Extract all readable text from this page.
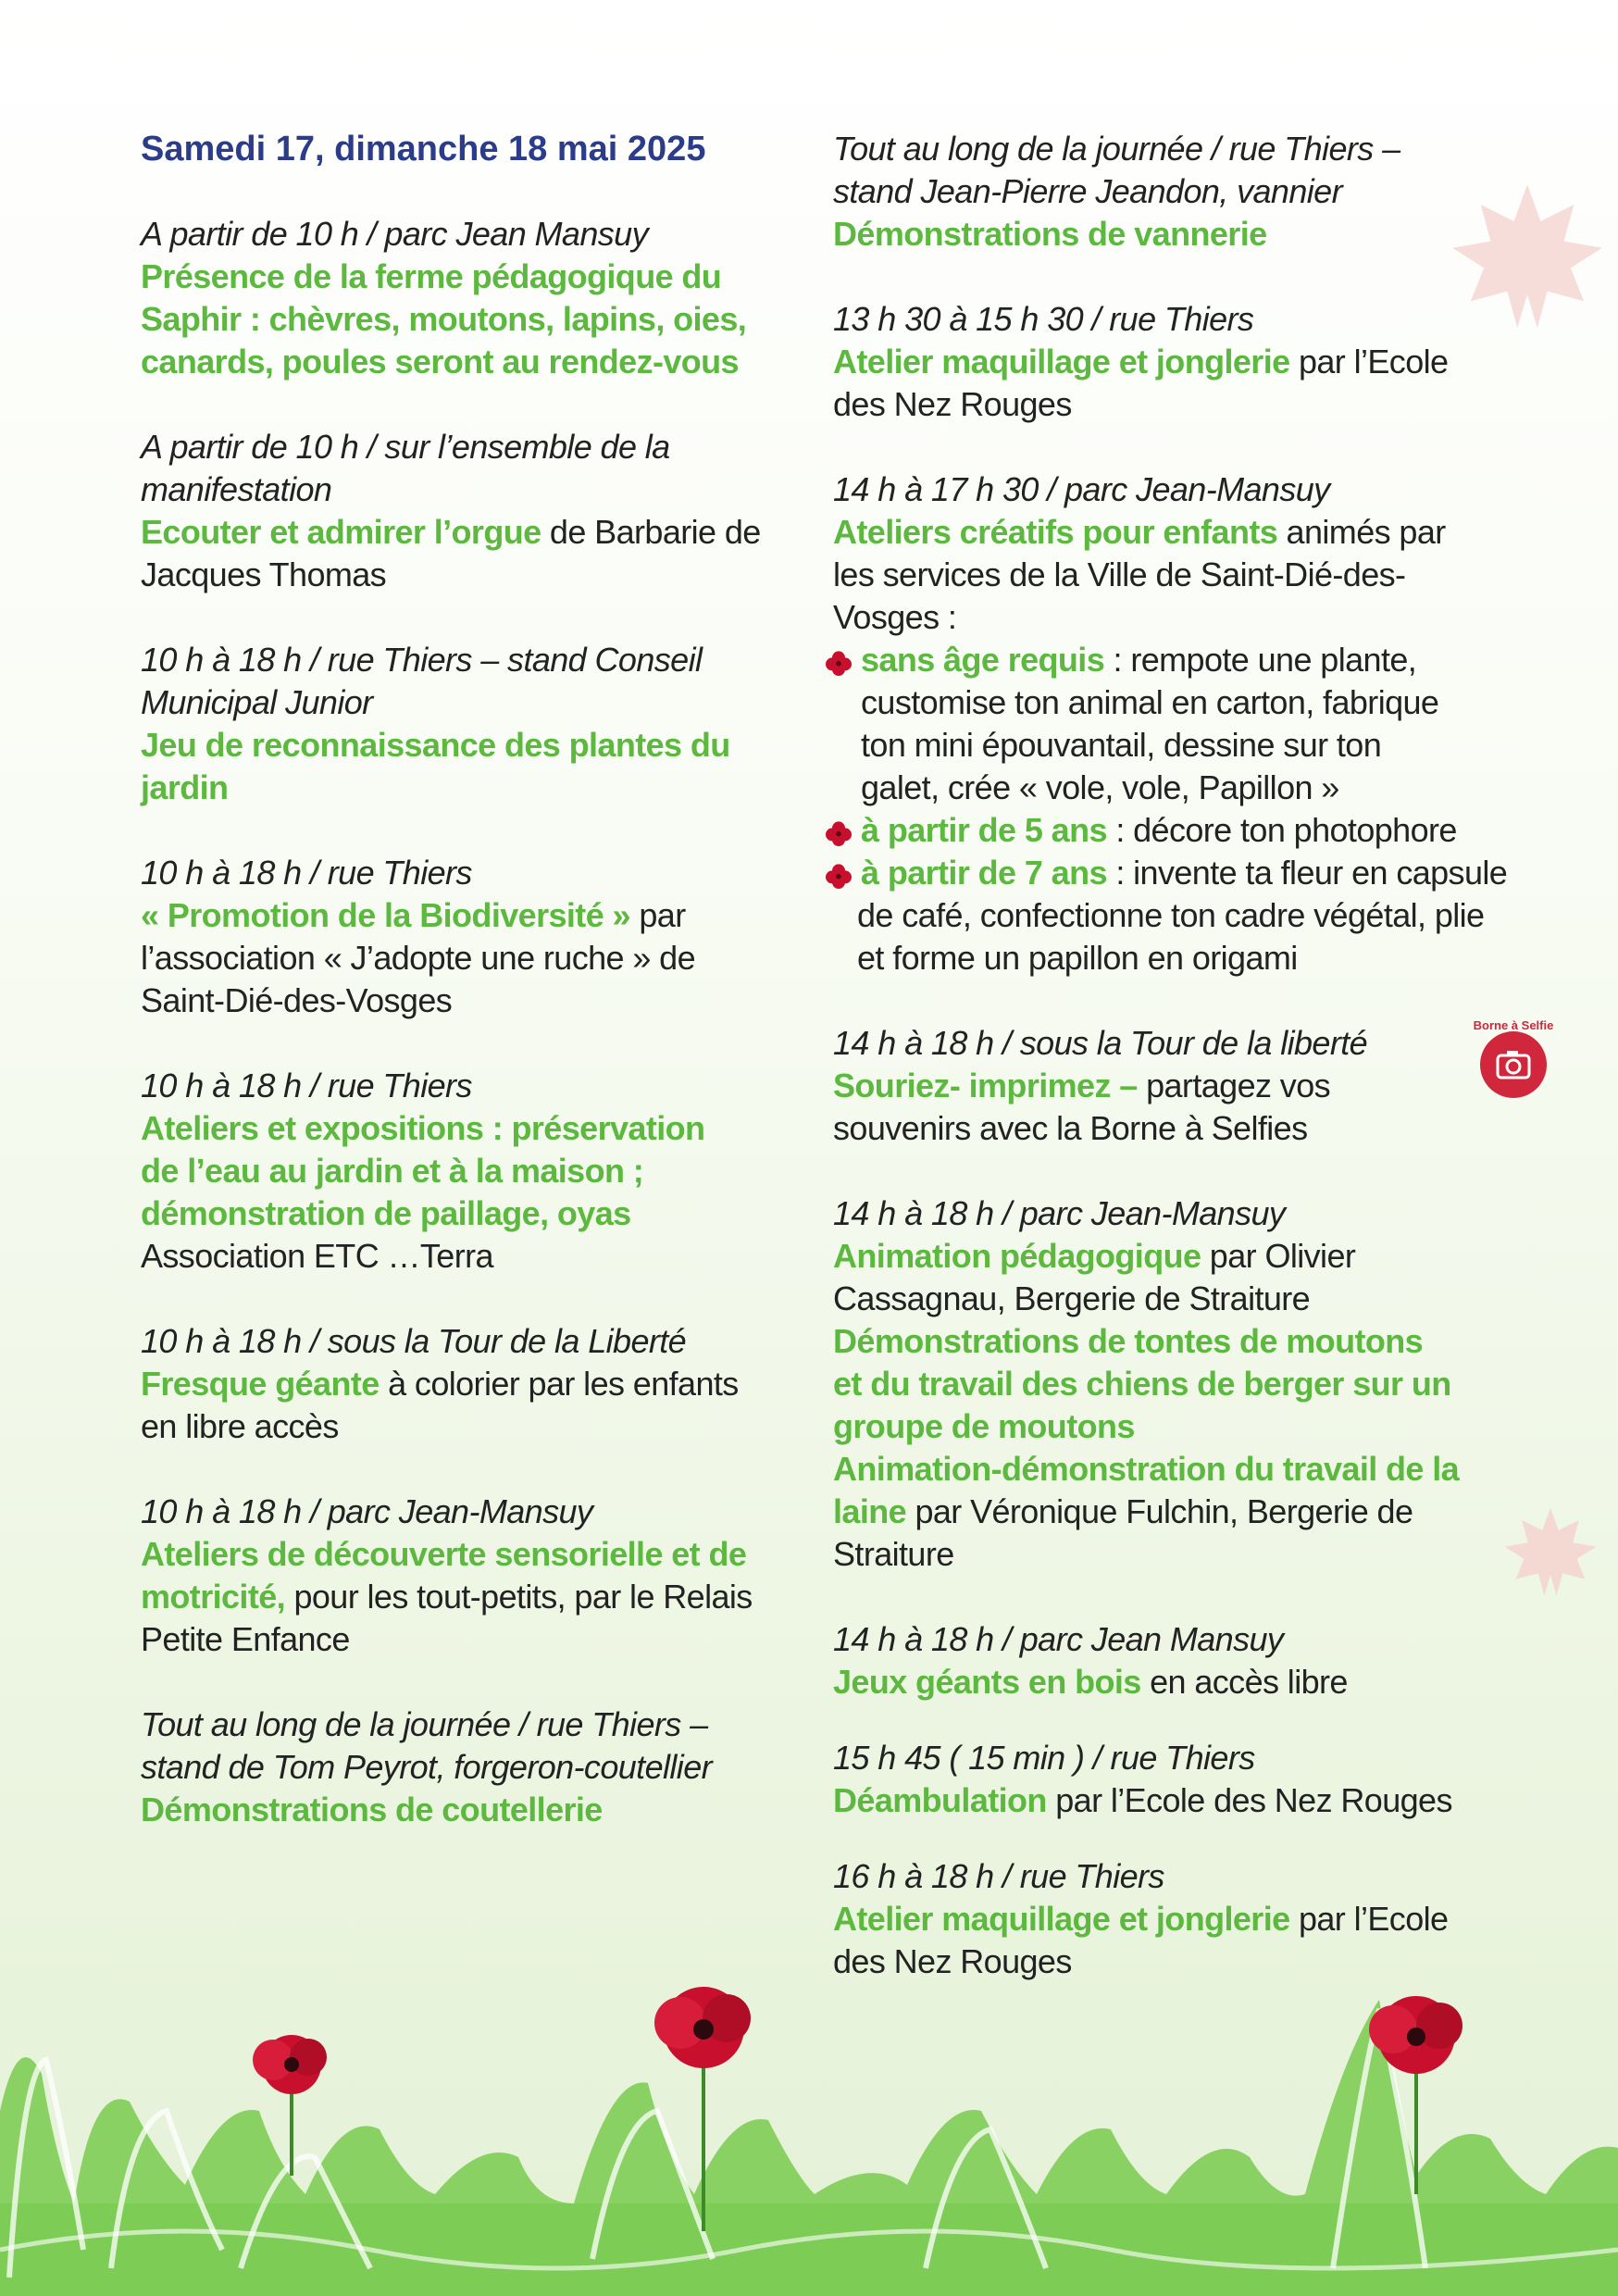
Borne à Selfie
Samedi 17, dimanche 18 mai 2025
A partir de 10 h / parc Jean Mansuy
Présence de la ferme pédagogique du
Saphir : chèvres, moutons, lapins, oies,
canards, poules seront au rendez-vous
A partir de 10 h / sur l’ensemble de la
manifestation
Ecouter et admirer l’orgue de Barbarie de
Jacques Thomas
10 h à 18 h / rue Thiers – stand Conseil
Municipal Junior
Jeu de reconnaissance des plantes du
jardin
10 h à 18 h / rue Thiers
« Promotion de la Biodiversité » par
l’association « J’adopte une ruche » de
Saint-Dié-des-Vosges
10 h à 18 h / rue Thiers
Ateliers et expositions : préservation
de l’eau au jardin et à la maison ;
démonstration de paillage, oyas
Association ETC …Terra
10 h à 18 h / sous la Tour de la Liberté
Fresque géante à colorier par les enfants
en libre accès
10 h à 18 h / parc Jean-Mansuy
Ateliers de découverte sensorielle et de
motricité, pour les tout-petits, par le Relais
Petite Enfance
Tout au long de la journée / rue Thiers –
stand de Tom Peyrot, forgeron-coutellier
Démonstrations de coutellerie
Tout au long de la journée / rue Thiers –
stand Jean-Pierre Jeandon, vannier
Démonstrations de vannerie
13 h 30 à 15 h 30 / rue Thiers
Atelier maquillage et jonglerie par l’Ecole
des Nez Rouges
14 h à 17 h 30 / parc Jean-Mansuy
Ateliers créatifs pour enfants animés par
les services de la Ville de Saint-Dié-des-
Vosges :
sans âge requis : rempote une plante,
customise ton animal en carton, fabrique
ton mini épouvantail, dessine sur ton
galet, crée « vole, vole, Papillon »
à partir de 5 ans : décore ton photophore
à partir de 7 ans : invente ta fleur en capsule
de café, confectionne ton cadre végétal, plie
et forme un papillon en origami
14 h à 18 h / sous la Tour de la liberté
Souriez- imprimez – partagez vos
souvenirs avec la Borne à Selfies
14 h à 18 h / parc Jean-Mansuy
Animation pédagogique par Olivier
Cassagnau, Bergerie de Straiture
Démonstrations de tontes de moutons
et du travail des chiens de berger sur un
groupe de moutons
Animation-démonstration du travail de la
laine par Véronique Fulchin, Bergerie de
Straiture
14 h à 18 h / parc Jean Mansuy
Jeux géants en bois en accès libre
15 h 45 ( 15 min ) / rue Thiers
Déambulation par l’Ecole des Nez Rouges
16 h à 18 h / rue Thiers
Atelier maquillage et jonglerie par l’Ecole
des Nez Rouges
